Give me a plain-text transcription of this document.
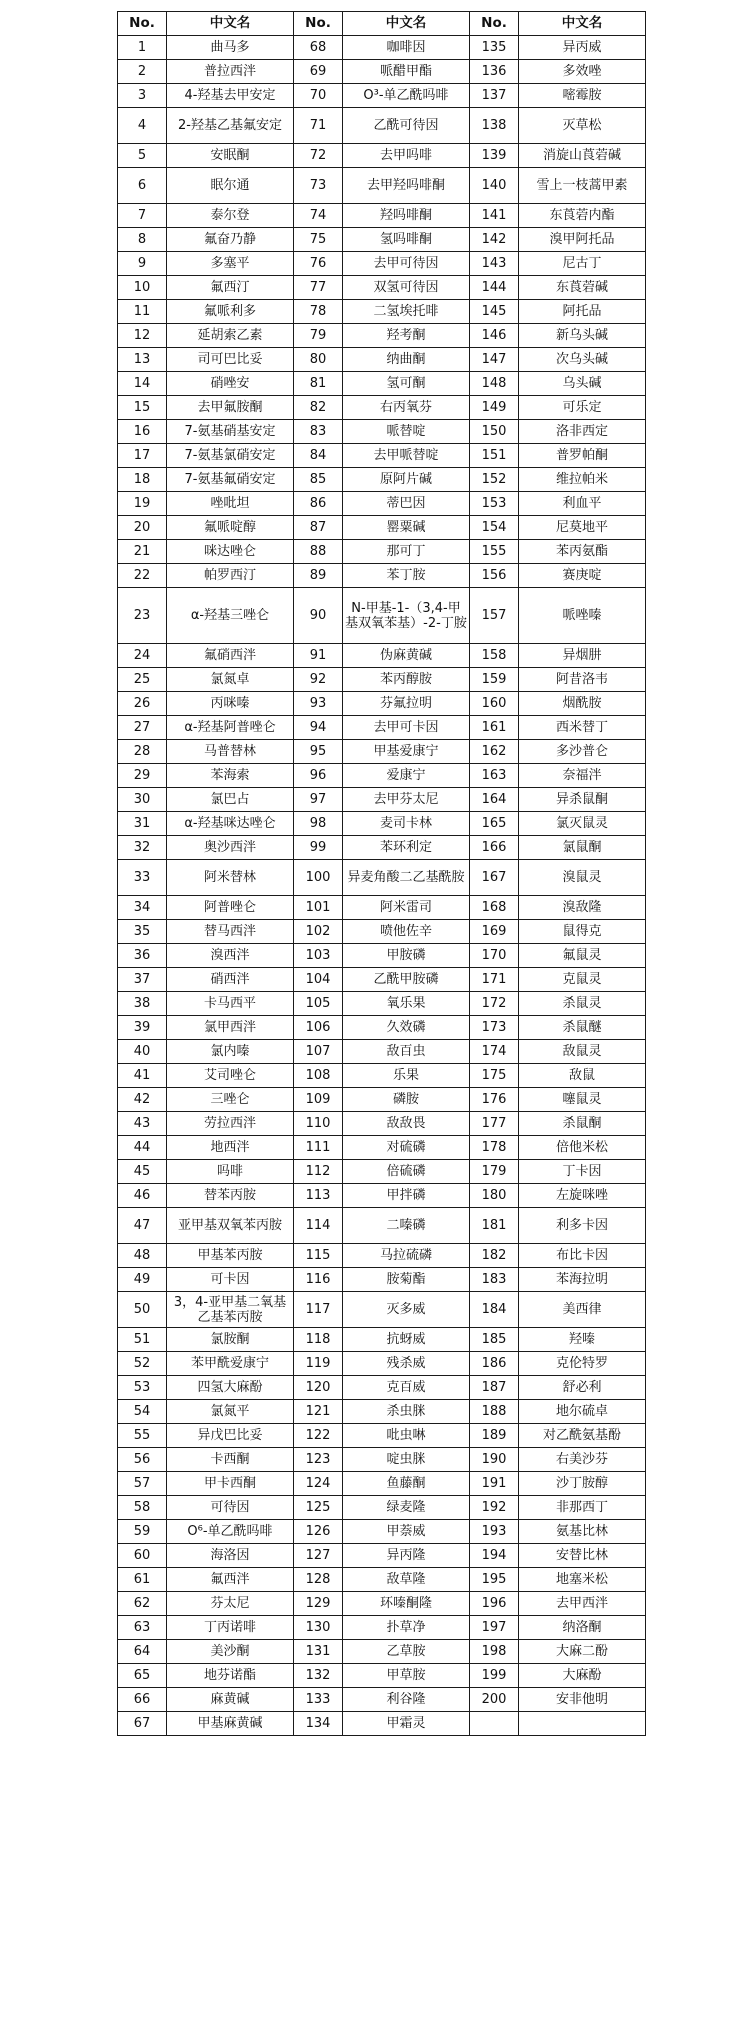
No.	中文名	No.	中文名	No.	中文名
1	曲马多	68	咖啡因	135	异丙威
2	普拉西泮	69	哌醋甲酯	136	多效唑
3	4-羟基去甲安定	70	O³-单乙酰吗啡	137	嘧霉胺
4	2-羟基乙基氟安定	71	乙酰可待因	138	灭草松
5	安眠酮	72	去甲吗啡	139	消旋山莨菪碱
6	眠尔通	73	去甲羟吗啡酮	140	雪上一枝蒿甲素
7	泰尔登	74	羟吗啡酮	141	东莨菪内酯
8	氟奋乃静	75	氢吗啡酮	142	溴甲阿托品
9	多塞平	76	去甲可待因	143	尼古丁
10	氟西汀	77	双氢可待因	144	东莨菪碱
11	氟哌利多	78	二氢埃托啡	145	阿托品
12	延胡索乙素	79	羟考酮	146	新乌头碱
13	司可巴比妥	80	纳曲酮	147	次乌头碱
14	硝唑安	81	氢可酮	148	乌头碱
15	去甲氟胺酮	82	右丙氧芬	149	可乐定
16	7-氨基硝基安定	83	哌替啶	150	洛非西定
17	7-氨基氯硝安定	84	去甲哌替啶	151	普罗帕酮
18	7-氨基氟硝安定	85	原阿片碱	152	维拉帕米
19	唑吡坦	86	蒂巴因	153	利血平
20	氟哌啶醇	87	罂粟碱	154	尼莫地平
21	咪达唑仑	88	那可丁	155	苯丙氨酯
22	帕罗西汀	89	苯丁胺	156	赛庚啶
23	α-羟基三唑仑	90	N-甲基-1-（3,4-甲基双氧苯基）-2-丁胺	157	哌唑嗪
24	氟硝西泮	91	伪麻黄碱	158	异烟肼
25	氯氮卓	92	苯丙醇胺	159	阿昔洛韦
26	丙咪嗪	93	芬氟拉明	160	烟酰胺
27	α-羟基阿普唑仑	94	去甲可卡因	161	西米替丁
28	马普替林	95	甲基爱康宁	162	多沙普仑
29	苯海索	96	爱康宁	163	奈福泮
30	氯巴占	97	去甲芬太尼	164	异杀鼠酮
31	α-羟基咪达唑仑	98	麦司卡林	165	氯灭鼠灵
32	奥沙西泮	99	苯环利定	166	氯鼠酮
33	阿米替林	100	异麦角酸二乙基酰胺	167	溴鼠灵
34	阿普唑仑	101	阿米雷司	168	溴敌隆
35	替马西泮	102	喷他佐辛	169	鼠得克
36	溴西泮	103	甲胺磷	170	氟鼠灵
37	硝西泮	104	乙酰甲胺磷	171	克鼠灵
38	卡马西平	105	氧乐果	172	杀鼠灵
39	氯甲西泮	106	久效磷	173	杀鼠醚
40	氯内嗪	107	敌百虫	174	敌鼠灵
41	艾司唑仑	108	乐果	175	敌鼠
42	三唑仑	109	磷胺	176	噻鼠灵
43	劳拉西泮	110	敌敌畏	177	杀鼠酮
44	地西泮	111	对硫磷	178	倍他米松
45	吗啡	112	倍硫磷	179	丁卡因
46	替苯丙胺	113	甲拌磷	180	左旋咪唑
47	亚甲基双氧苯丙胺	114	二嗪磷	181	利多卡因
48	甲基苯丙胺	115	马拉硫磷	182	布比卡因
49	可卡因	116	胺菊酯	183	苯海拉明
50	3，4-亚甲基二氧基乙基苯丙胺	117	灭多威	184	美西律
51	氯胺酮	118	抗蚜威	185	羟嗪
52	苯甲酰爱康宁	119	残杀威	186	克伦特罗
53	四氢大麻酚	120	克百威	187	舒必利
54	氯氮平	121	杀虫脒	188	地尔硫卓
55	异戊巴比妥	122	吡虫啉	189	对乙酰氨基酚
56	卡西酮	123	啶虫脒	190	右美沙芬
57	甲卡西酮	124	鱼藤酮	191	沙丁胺醇
58	可待因	125	绿麦隆	192	非那西丁
59	O⁶-单乙酰吗啡	126	甲萘威	193	氨基比林
60	海洛因	127	异丙隆	194	安替比林
61	氟西泮	128	敌草隆	195	地塞米松
62	芬太尼	129	环嗪酮隆	196	去甲西泮
63	丁丙诺啡	130	扑草净	197	纳洛酮
64	美沙酮	131	乙草胺	198	大麻二酚
65	地芬诺酯	132	甲草胺	199	大麻酚
66	麻黄碱	133	利谷隆	200	安非他明
67	甲基麻黄碱	134	甲霜灵		
